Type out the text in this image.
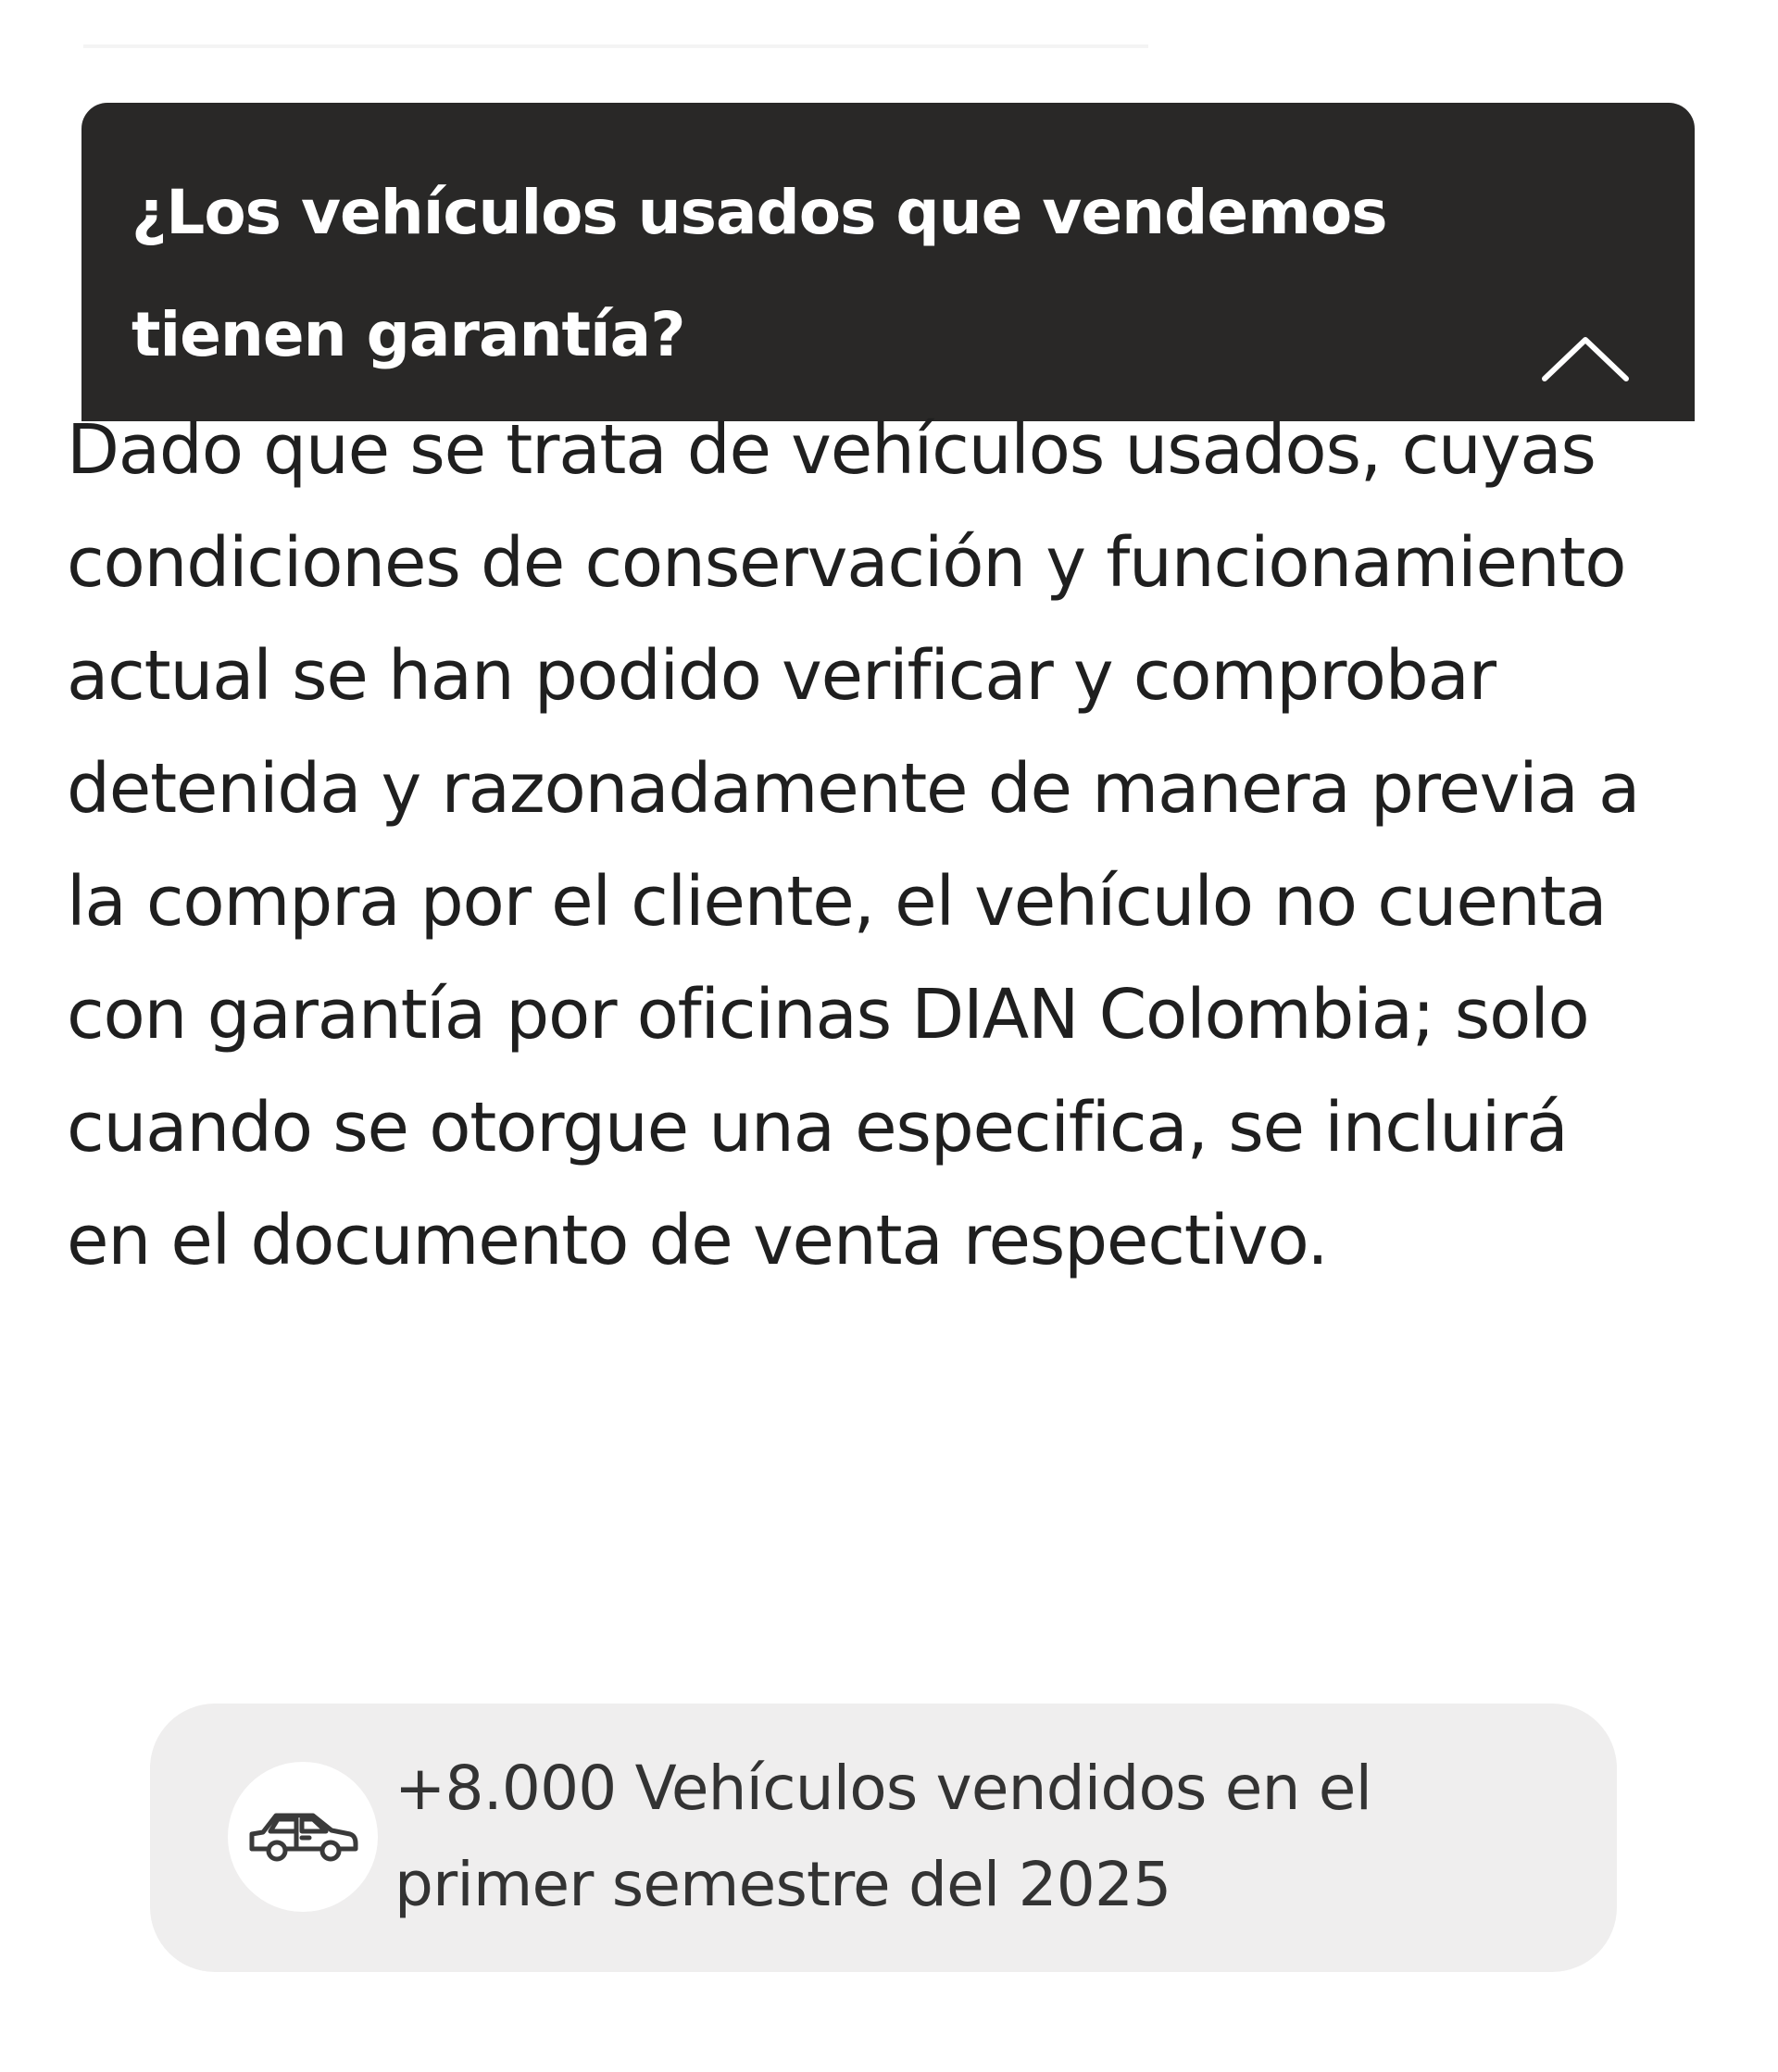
¿Los vehículos usados que vendemos tienen garantía?

Dado que se trata de vehículos usados, cuyas condiciones de conservación y funcionamiento actual se han podido verificar y comprobar detenida y razonadamente de manera previa a la compra por el cliente, el vehículo no cuenta con garantía por oficinas DIAN Colombia; solo cuando se otorgue una especifica, se incluirá en el documento de venta respectivo.

+8.000 Vehículos vendidos en el primer semestre del 2025
